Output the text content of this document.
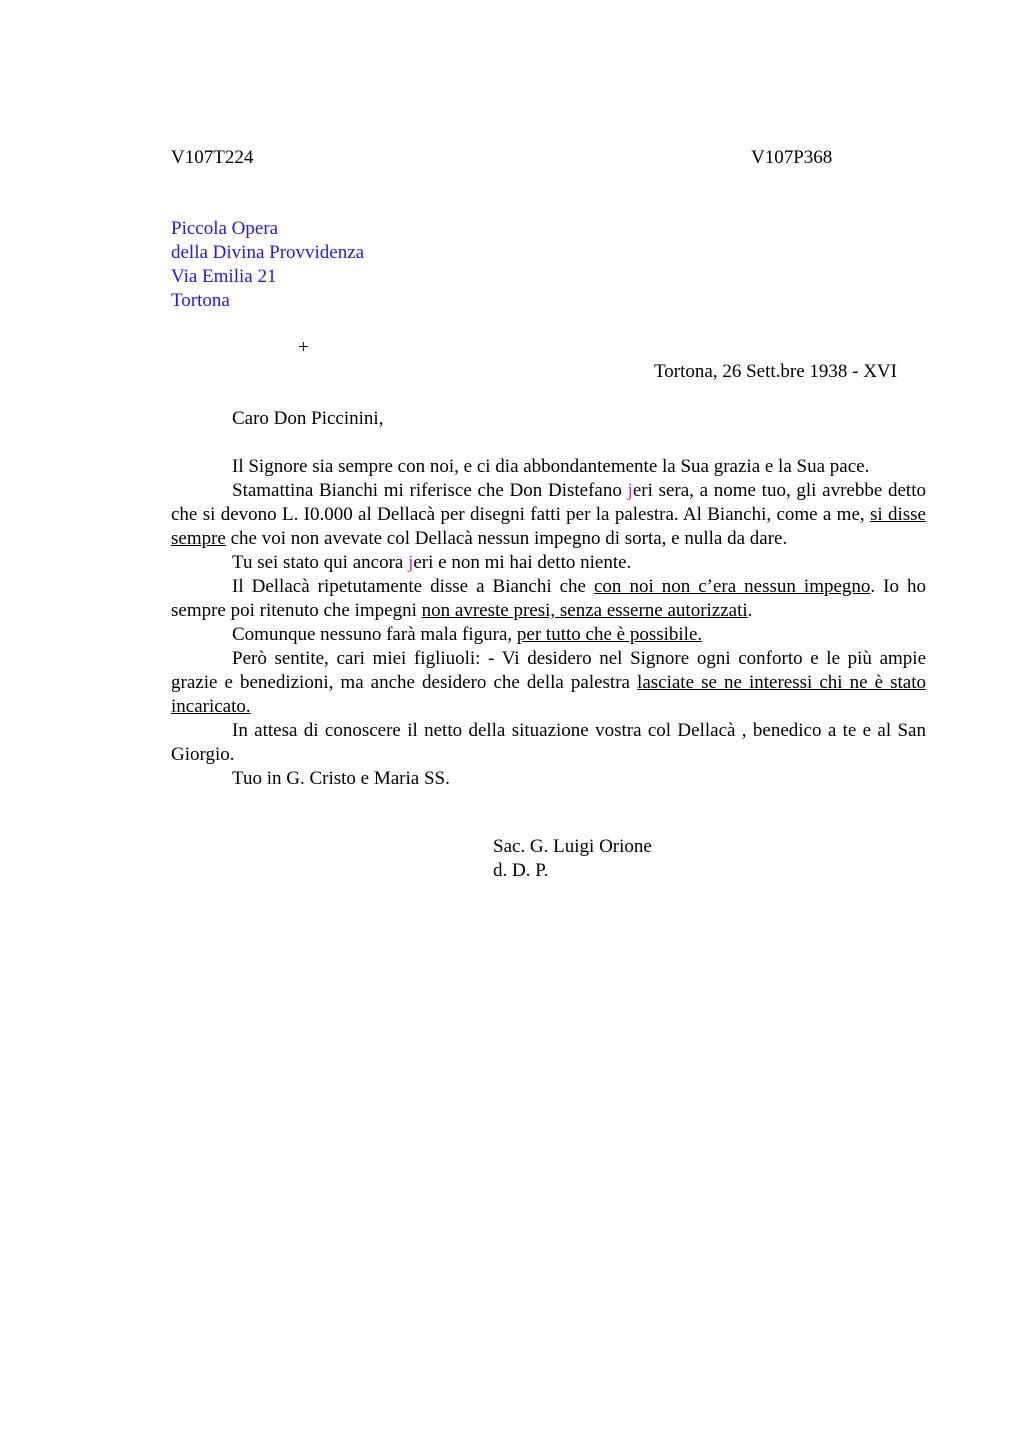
V107T224	V107P368
Piccola Opera
della Divina Provvidenza
Via Emilia 21
Tortona
+
Tortona, 26 Sett.bre 1938 - XVI
Caro Don Piccinini,

Il Signore sia sempre con noi, e ci dia abbondantemente la Sua grazia e la Sua pace.

Stamattina Bianchi mi riferisce che Don Distefano jeri sera, a nome tuo, gli avrebbe detto che si devono L. I0.000 al Dellacà per disegni fatti per la palestra. Al Bianchi, come a me, si disse sempre che voi non avevate col Dellacà nessun impegno di sorta, e nulla da dare.

Tu sei stato qui ancora jeri e non mi hai detto niente.

Il Dellacà ripetutamente disse a Bianchi che con noi non c’era nessun impegno. Io ho sempre poi ritenuto che impegni non avreste presi, senza esserne autorizzati.

Comunque nessuno farà mala figura, per tutto che è possibile.

Però sentite, cari miei figliuoli: - Vi desidero nel Signore ogni conforto e le più ampie grazie e benedizioni, ma anche desidero che della palestra lasciate se ne interessi chi ne è stato incaricato.

In attesa di conoscere il netto della situazione vostra col Dellacà , benedico a te e al San Giorgio.

Tuo in G. Cristo e Maria SS.

Sac. G. Luigi Orione
d. D. P.
